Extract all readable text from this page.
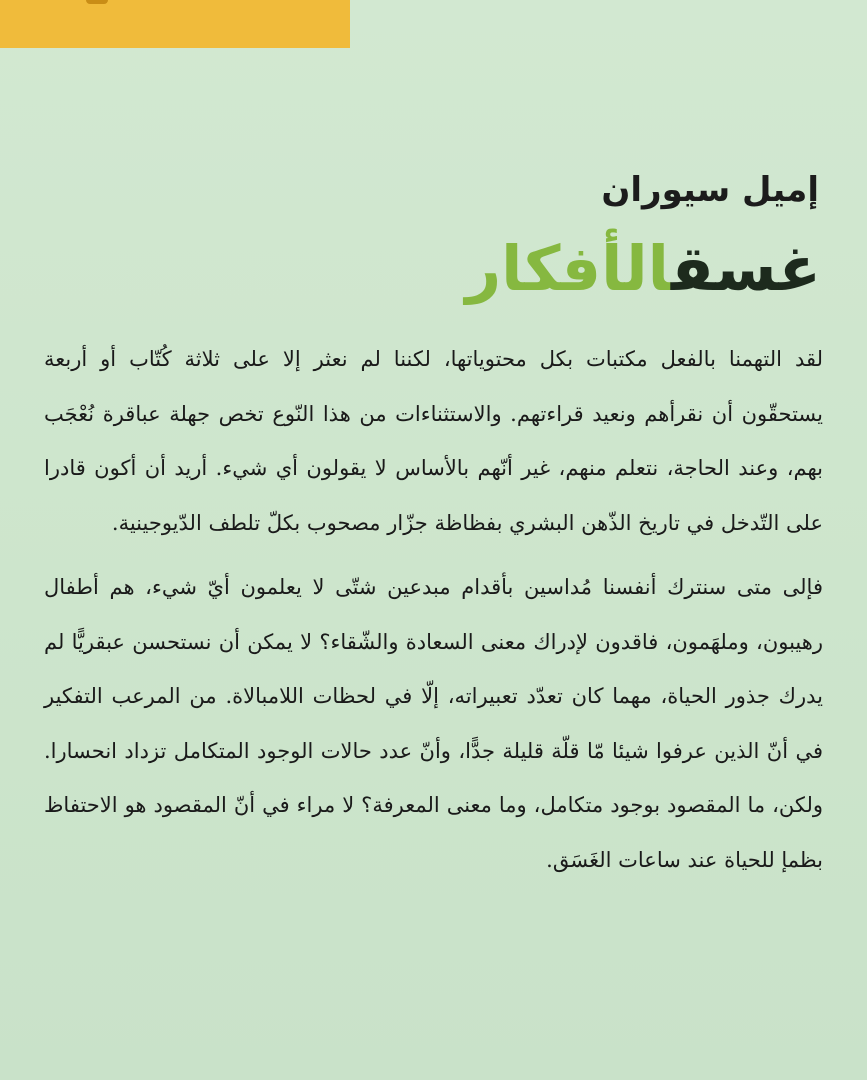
إميل سيوران
غسقالأفكار

لقد التهمنا بالفعل مكتبات بكل محتوياتها، لكننا لم نعثر إلا على ثلاثة كُتّاب أو أربعة يستحقّون أن نقرأهم ونعيد قراءتهم. والاستثناءات من هذا النّوع تخص جهلة عباقرة نُعْجَب بهم، وعند الحاجة، نتعلم منهم، غير أنّهم بالأساس لا يقولون أي شيء. أريد أن أكون قادرا على التّدخل في تاريخ الذّهن البشري بفظاظة جزّار مصحوب بكلّ تلطف الدّيوجينية.

فإلى متى سنترك أنفسنا مُداسين بأقدام مبدعين شتّى لا يعلمون أيّ شيء، هم أطفال رهيبون، وملهَمون، فاقدون لإدراك معنى السعادة والشّقاء؟ لا يمكن أن نستحسن عبقريًّا لم يدرك جذور الحياة، مهما كان تعدّد تعبيراته، إلّا في لحظات اللامبالاة. من المرعب التفكير في أنّ الذين عرفوا شيئا مّا قلّة قليلة جدًّا، وأنّ عدد حالات الوجود المتكامل تزداد انحسارا. ولكن، ما المقصود بوجود متكامل، وما معنى المعرفة؟ لا مراء في أنّ المقصود هو الاحتفاظ بظمإ للحياة عند ساعات الغَسَق.
